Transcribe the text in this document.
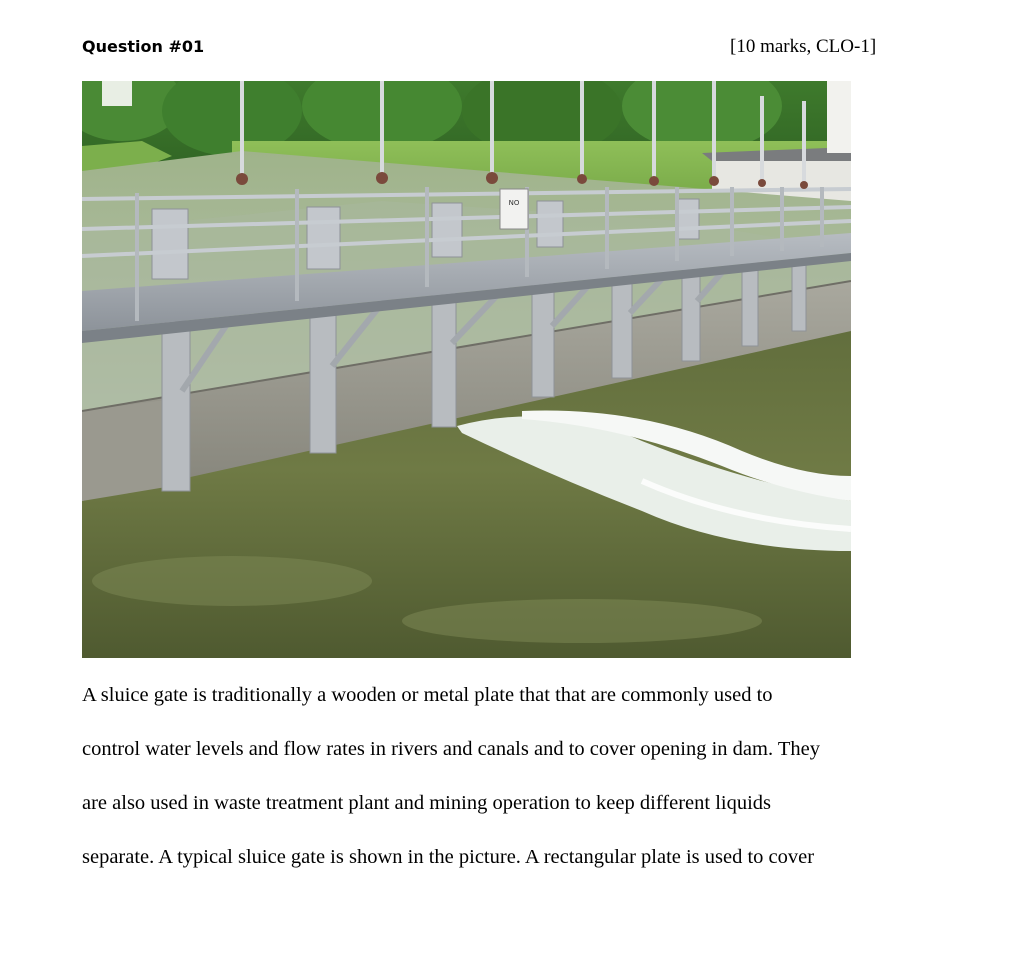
Question #01	[10 marks, CLO-1]
NO
A sluice gate is traditionally a wooden or metal plate that that are commonly used to
control water levels and flow rates in rivers and canals and to cover opening in dam. They
are also used in waste treatment plant and mining operation to keep different liquids
separate. A typical sluice gate is shown in the picture. A rectangular plate is used to cover
